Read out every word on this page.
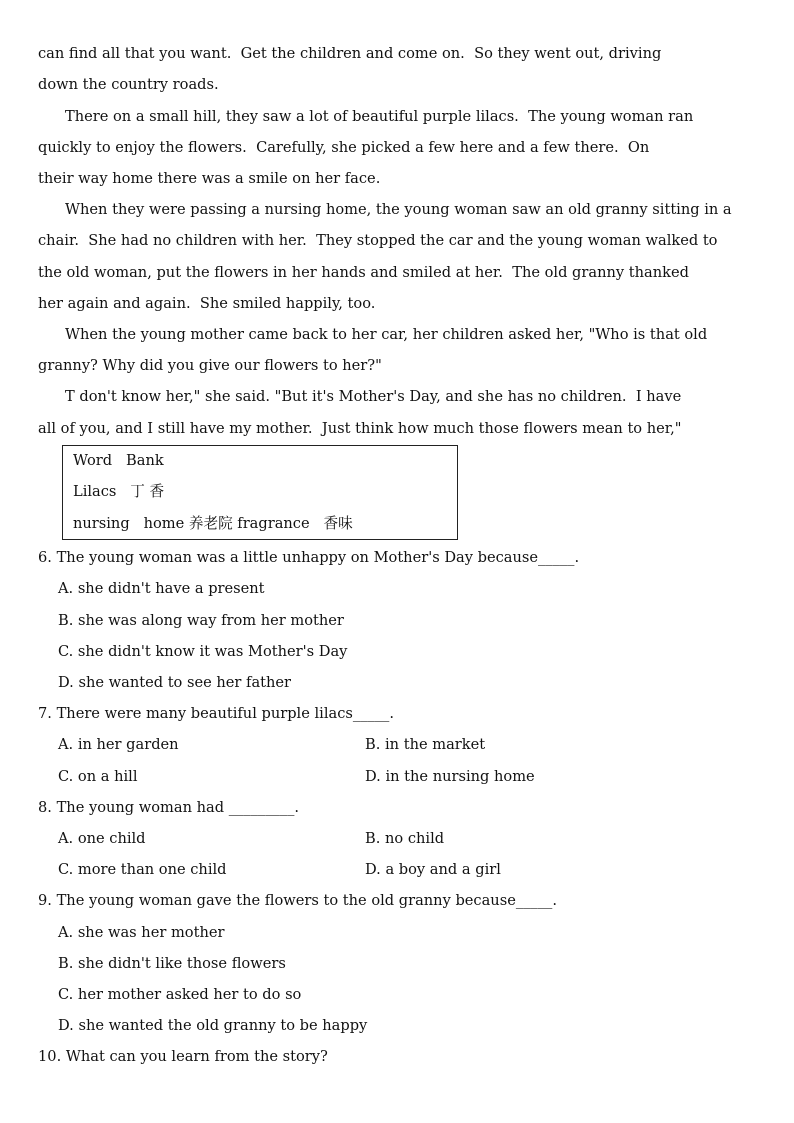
can find all that you want.  Get the children and come on.  So they went out, driving
down the country roads.
There on a small hill, they saw a lot of beautiful purple lilacs.  The young woman ran
quickly to enjoy the flowers.  Carefully, she picked a few here and a few there.  On
their way home there was a smile on her face.
When they were passing a nursing home, the young woman saw an old granny sitting in a
chair.  She had no children with her.  They stopped the car and the young woman walked to
the old woman, put the flowers in her hands and smiled at her.  The old granny thanked
her again and again.  She smiled happily, too.
When the young mother came back to her car, her children asked her, "Who is that old
granny? Why did you give our flowers to her?"
T don't know her," she said. "But it's Mother's Day, and she has no children.  I have
all of you, and I still have my mother.  Just think how much those flowers mean to her,"
Word   Bank
Lilacs   丁 香
nursing   home 养老院 fragrance   香味
6. The young woman was a little unhappy on Mother's Day because_____.
A. she didn't have a present
B. she was along way from her mother
C. she didn't know it was Mother's Day
D. she wanted to see her father
7. There were many beautiful purple lilacs_____.
A. in her garden	B. in the market
C. on a hill	D. in the nursing home
8. The young woman had _________.
A. one child	B. no child
C. more than one child	D. a boy and a girl
9. The young woman gave the flowers to the old granny because_____.
A. she was her mother
B. she didn't like those flowers
C. her mother asked her to do so
D. she wanted the old granny to be happy
10. What can you learn from the story?
